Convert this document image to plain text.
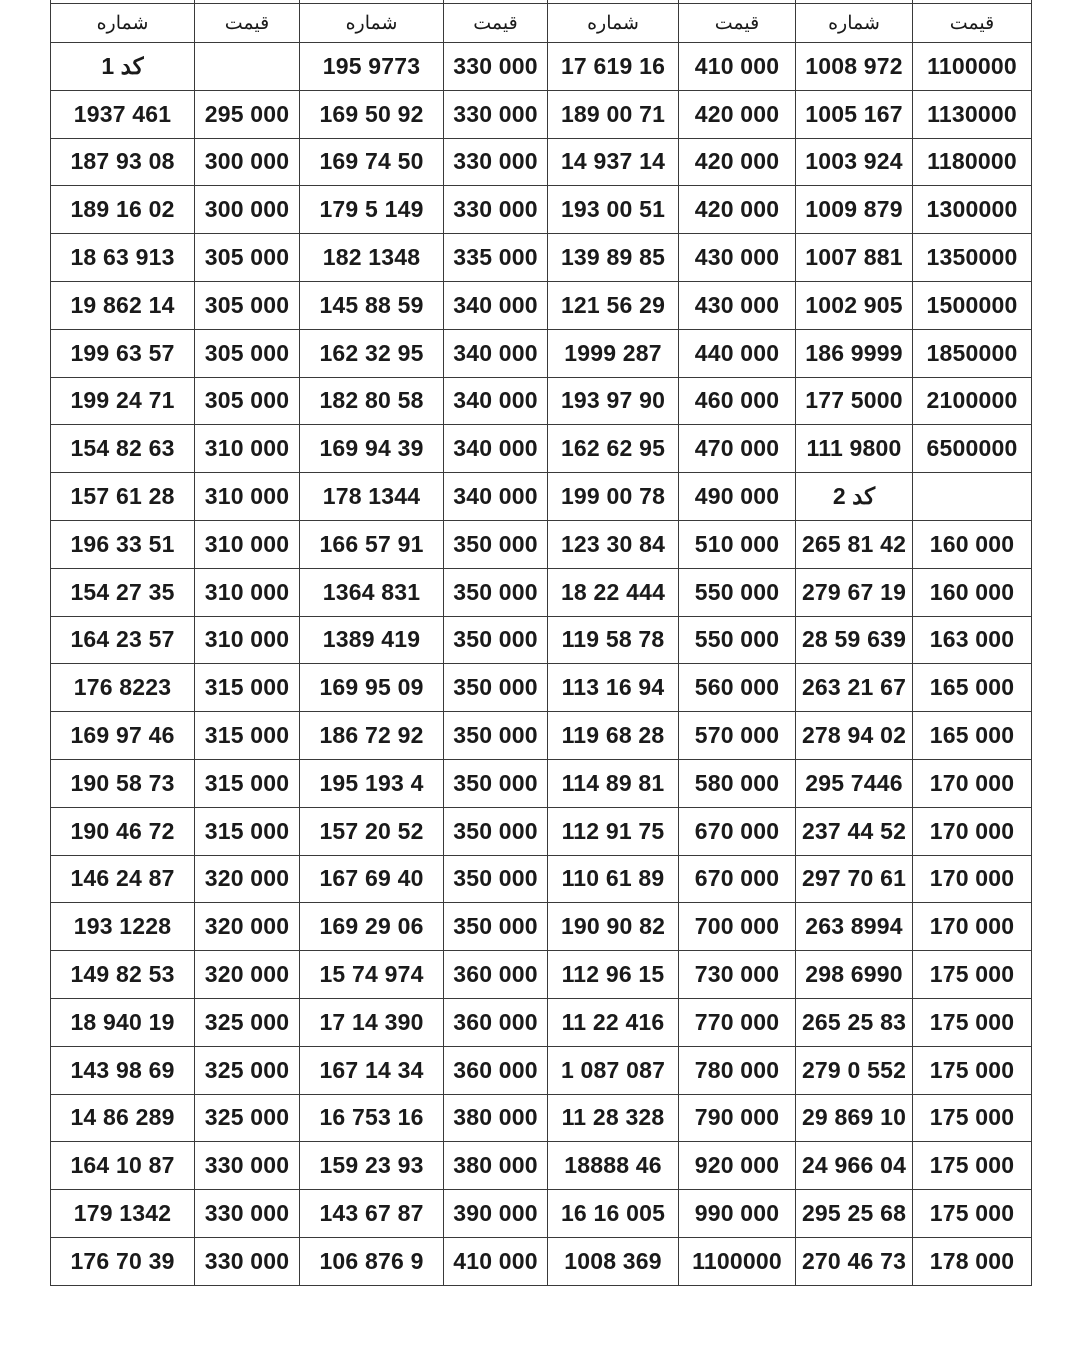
شماره	قیمت	شماره	قیمت	شماره	قیمت	شماره	قیمت
کد 1		195 9773	330 000	17 619 16	410 000	1008 972	1100000
1937 461	295 000	169 50 92	330 000	189 00 71	420 000	1005 167	1130000
187 93 08	300 000	169 74 50	330 000	14 937 14	420 000	1003 924	1180000
189 16 02	300 000	179 5 149	330 000	193 00 51	420 000	1009 879	1300000
18 63 913	305 000	182 1348	335 000	139 89 85	430 000	1007 881	1350000
19 862 14	305 000	145 88 59	340 000	121 56 29	430 000	1002 905	1500000
199 63 57	305 000	162 32 95	340 000	1999 287	440 000	186 9999	1850000
199 24 71	305 000	182 80 58	340 000	193 97 90	460 000	177 5000	2100000
154 82 63	310 000	169 94 39	340 000	162 62 95	470 000	111 9800	6500000
157 61 28	310 000	178 1344	340 000	199 00 78	490 000	کد 2	
196 33 51	310 000	166 57 91	350 000	123 30 84	510 000	265 81 42	160 000
154 27 35	310 000	1364 831	350 000	18 22 444	550 000	279 67 19	160 000
164 23 57	310 000	1389 419	350 000	119 58 78	550 000	28 59 639	163 000
176 8223	315 000	169 95 09	350 000	113 16 94	560 000	263 21 67	165 000
169 97 46	315 000	186 72 92	350 000	119 68 28	570 000	278 94 02	165 000
190 58 73	315 000	195 193 4	350 000	114 89 81	580 000	295 7446	170 000
190 46 72	315 000	157 20 52	350 000	112 91 75	670 000	237 44 52	170 000
146 24 87	320 000	167 69 40	350 000	110 61 89	670 000	297 70 61	170 000
193 1228	320 000	169 29 06	350 000	190 90 82	700 000	263 8994	170 000
149 82 53	320 000	15 74 974	360 000	112 96 15	730 000	298 6990	175 000
18 940 19	325 000	17 14 390	360 000	11 22 416	770 000	265 25 83	175 000
143 98 69	325 000	167 14 34	360 000	1 087 087	780 000	279 0 552	175 000
14 86 289	325 000	16 753 16	380 000	11 28 328	790 000	29 869 10	175 000
164 10 87	330 000	159 23 93	380 000	18888 46	920 000	24 966 04	175 000
179 1342	330 000	143 67 87	390 000	16 16 005	990 000	295 25 68	175 000
176 70 39	330 000	106 876 9	410 000	1008 369	1100000	270 46 73	178 000
